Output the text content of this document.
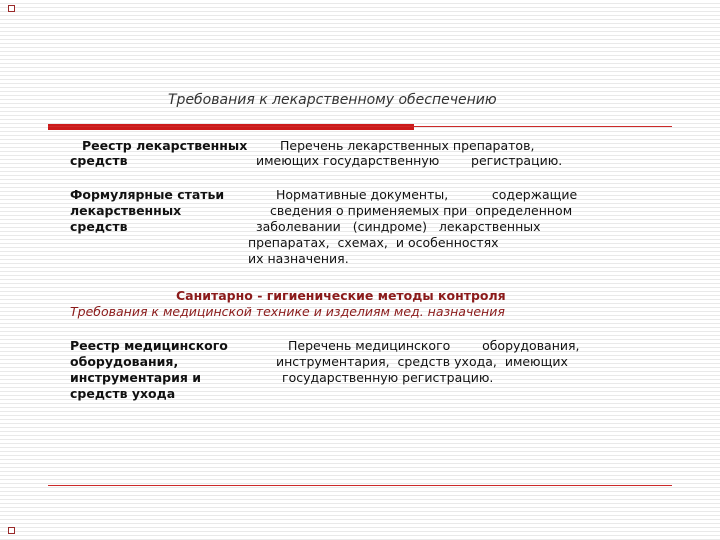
Требования к лекарственному обеспечению
Реестр лекарственных
средств
Перечень лекарственных препаратов,
имеющих государственную        регистрацию.
Формулярные статьи
лекарственных
средств
Нормативные документы,           содержащие
сведения о применяемых при  определенном
заболевании   (синдроме)   лекарственных
препаратах,  схемах,  и особенностях
их назначения.
Санитарно - гигиенические методы контроля
Требования к медицинской технике и изделиям мед. назначения
Реестр медицинского
оборудования,
инструментария и
средств ухода
Перечень медицинского        оборудования,
инструментария,  средств ухода,  имеющих
государственную регистрацию.
